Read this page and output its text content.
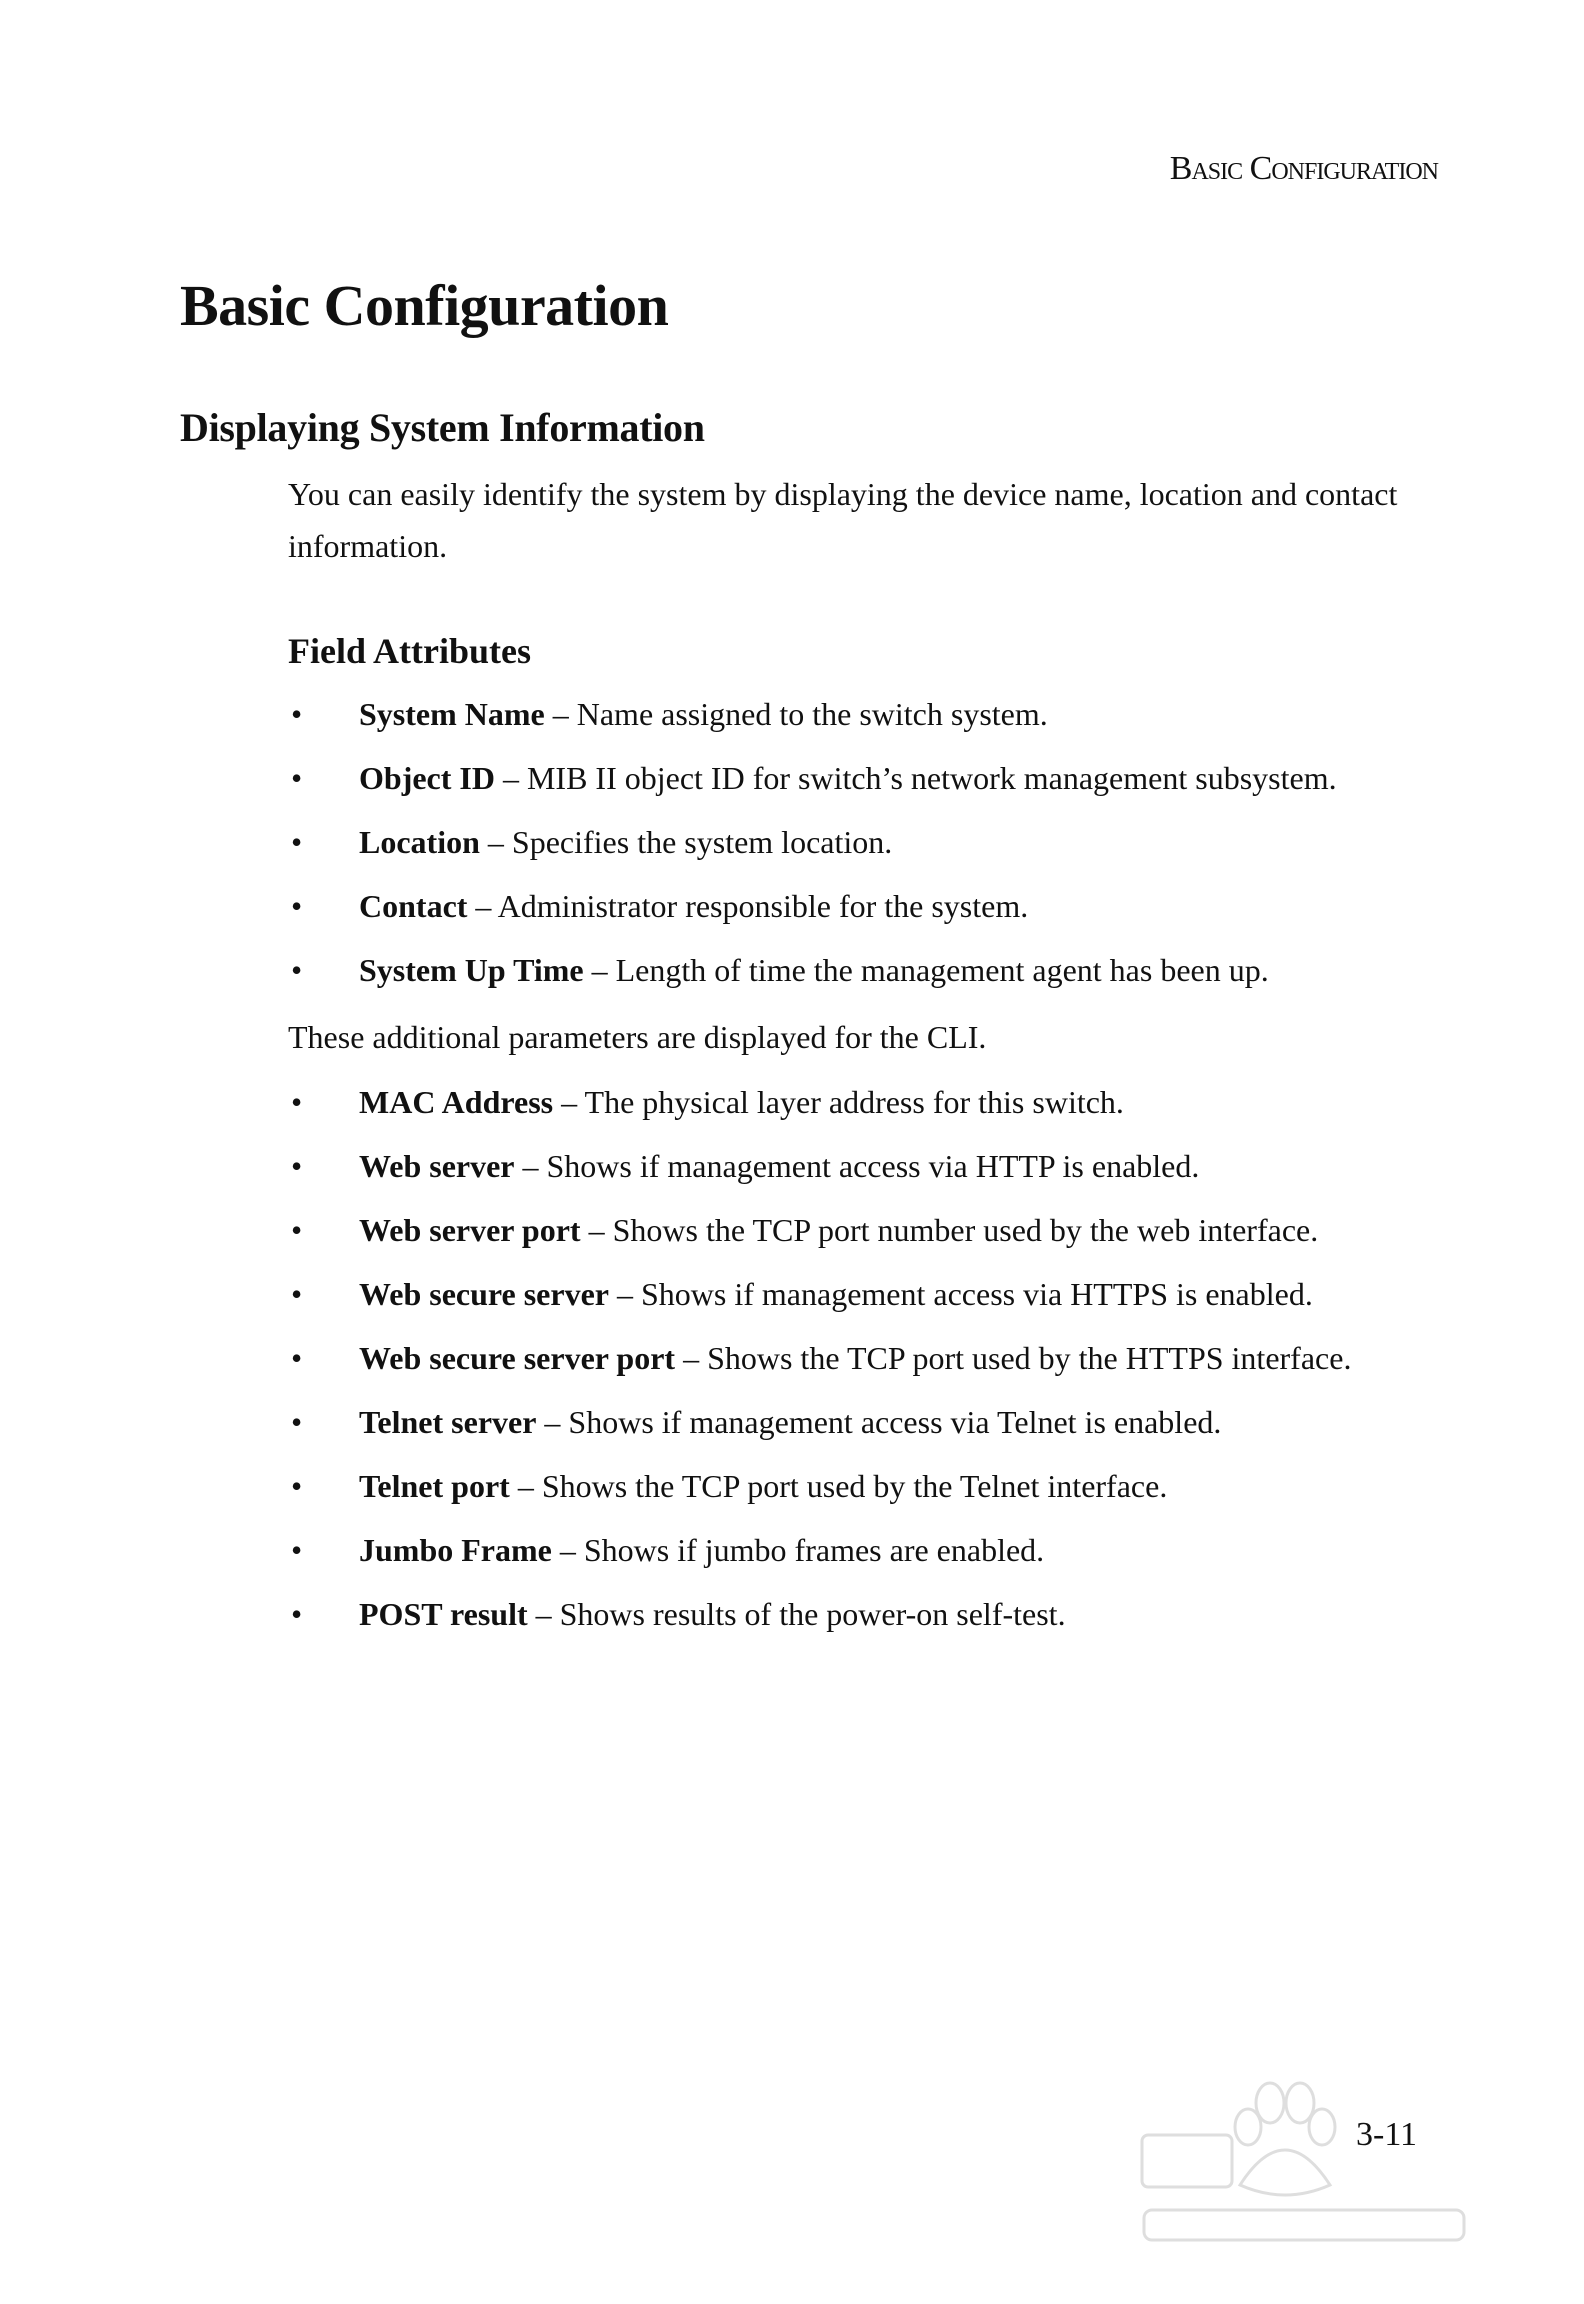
Basic Configuration
Basic Configuration
Displaying System Information

You can easily identify the system by displaying the device name, location and contact information.

Field Attributes
• System Name – Name assigned to the switch system.
• Object ID – MIB II object ID for switch’s network management subsystem.
• Location – Specifies the system location.
• Contact – Administrator responsible for the system.
• System Up Time – Length of time the management agent has been up.

These additional parameters are displayed for the CLI.

• MAC Address – The physical layer address for this switch.
• Web server – Shows if management access via HTTP is enabled.
• Web server port – Shows the TCP port number used by the web interface.
• Web secure server – Shows if management access via HTTPS is enabled.
• Web secure server port – Shows the TCP port used by the HTTPS interface.
• Telnet server – Shows if management access via Telnet is enabled.
• Telnet port – Shows the TCP port used by the Telnet interface.
• Jumbo Frame – Shows if jumbo frames are enabled.
• POST result – Shows results of the power-on self-test.
3-11
